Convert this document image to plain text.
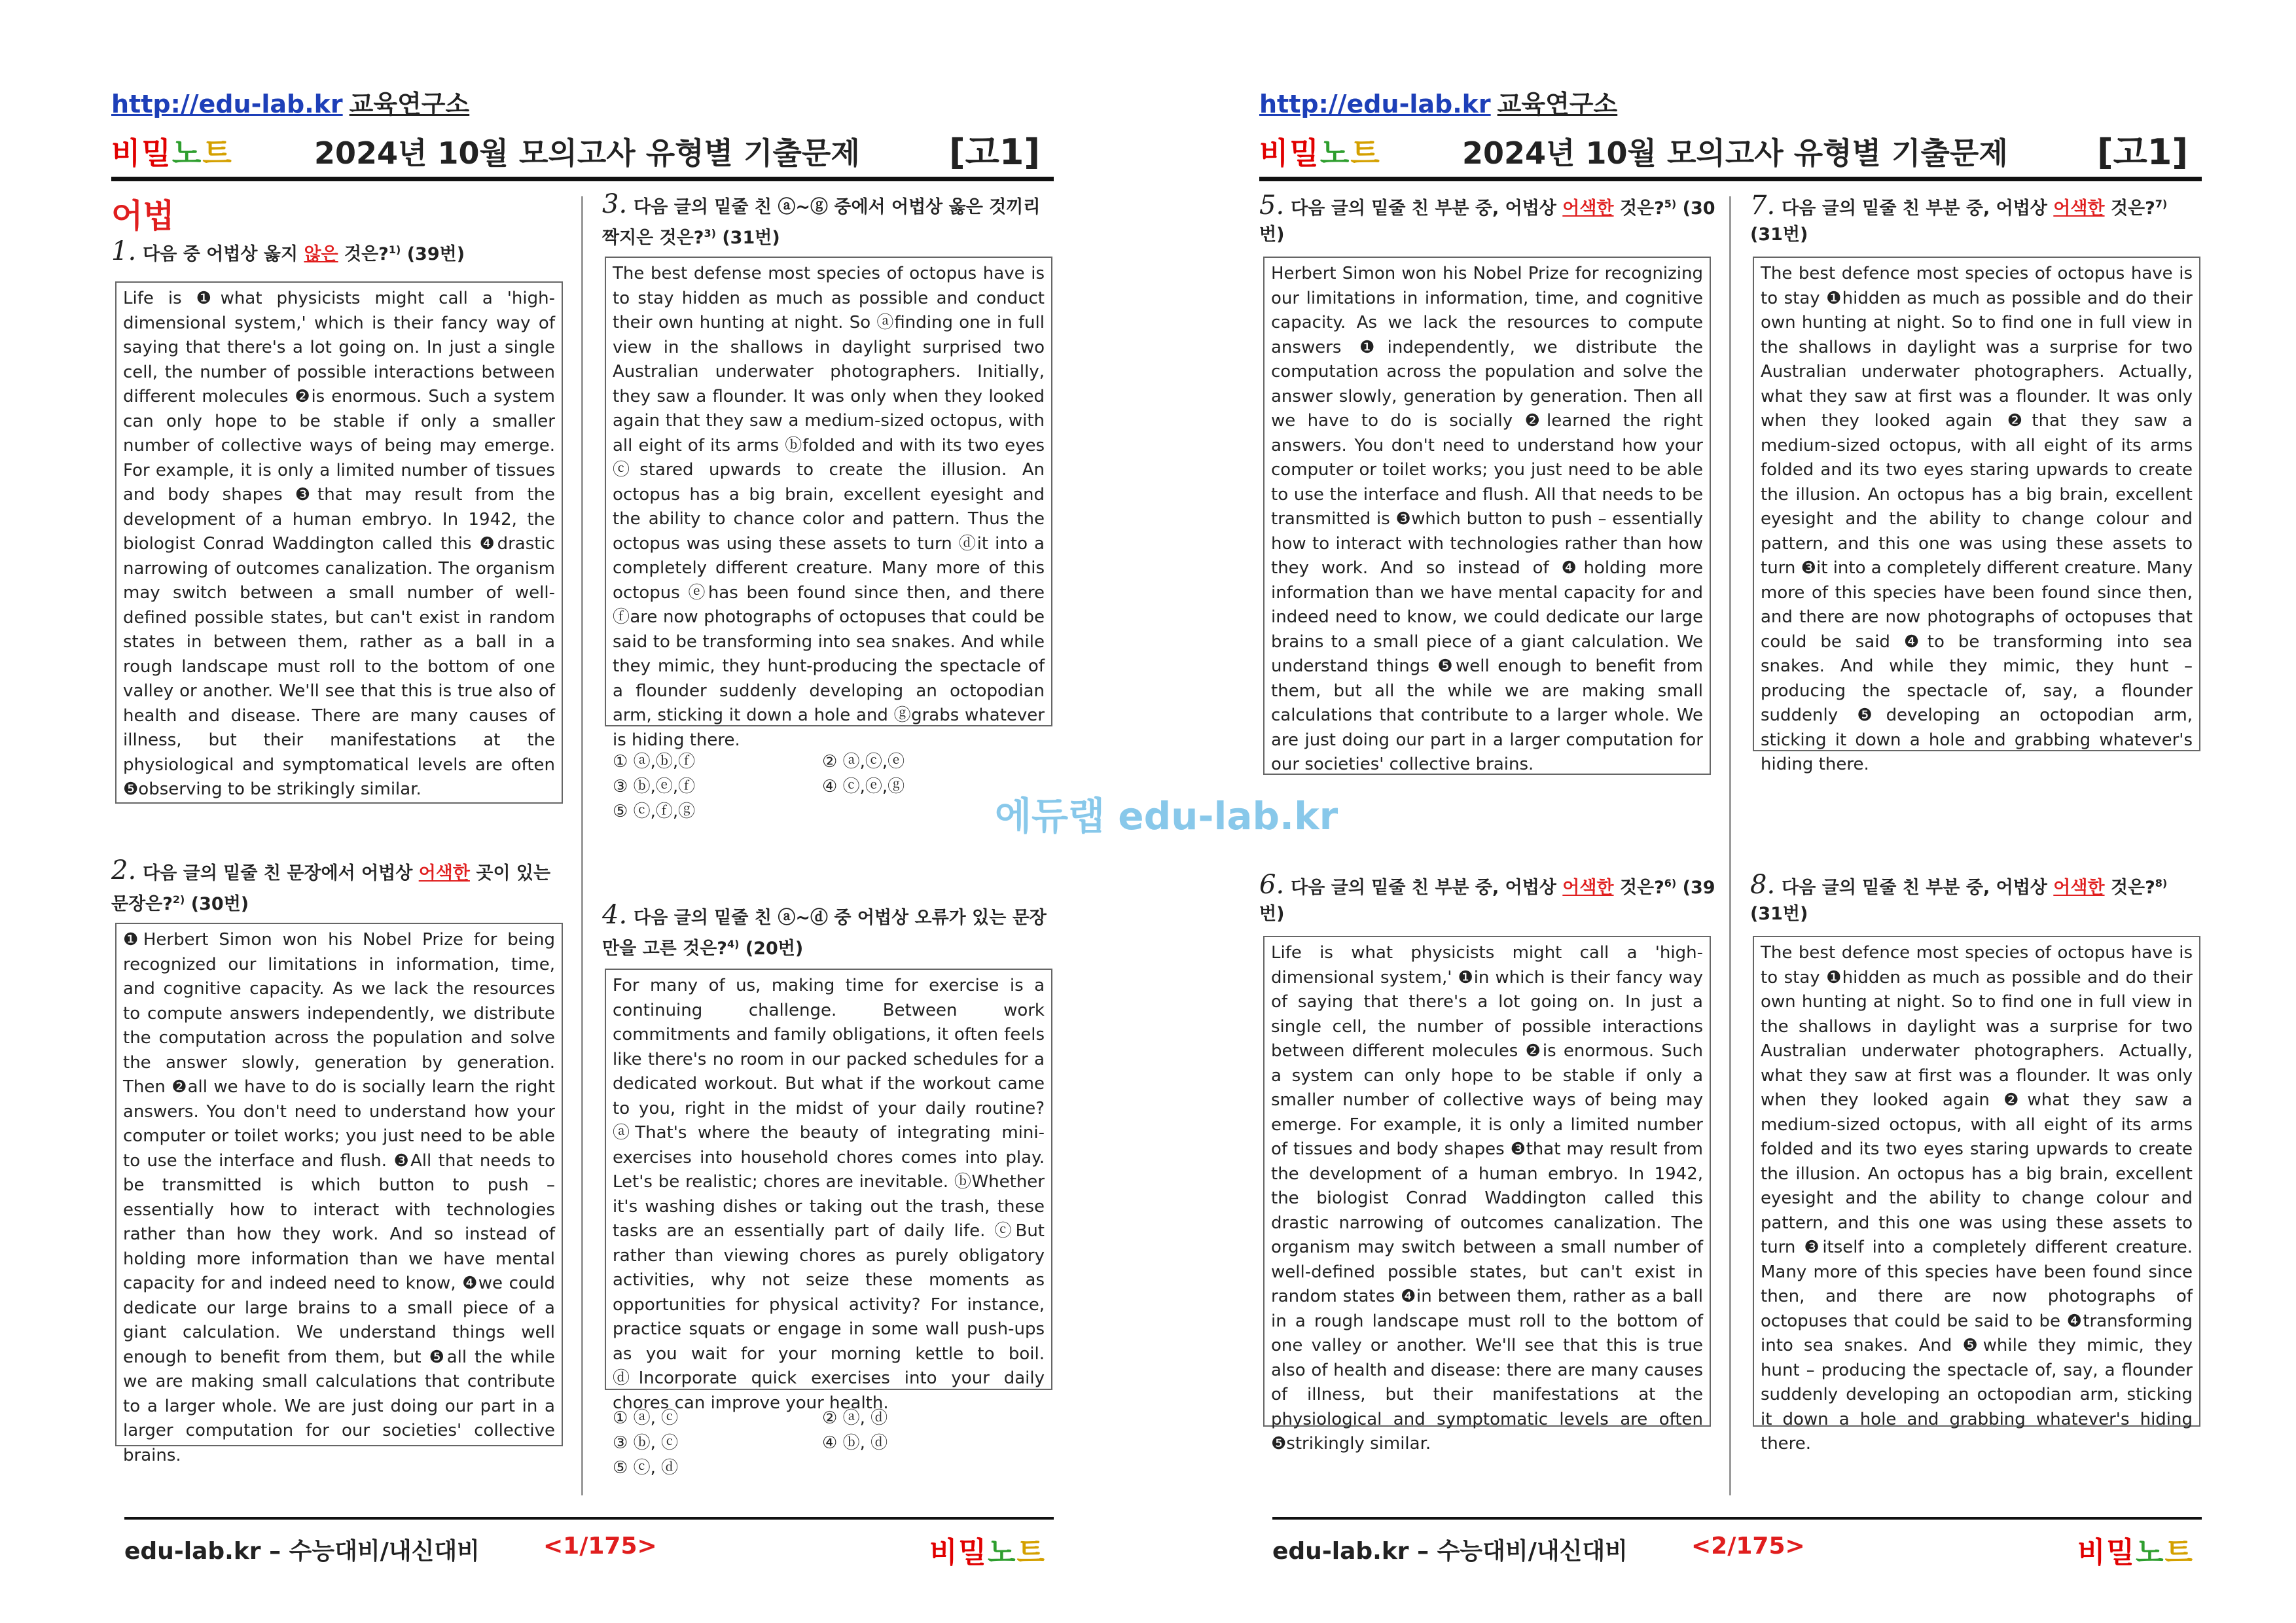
http://edu-lab.kr 교육연구소
비밀노트	2024년 10월 모의고사 유형별 기출문제	[고1]
어법
1. 다음 중 어법상 옳지 않은 것은?$^{1)}$ (39번)
Life is ❶what physicists might call a 'high-dimensional system,' which is their fancy way of saying that there's a lot going on. In just a single cell, the number of possible interactions between different molecules ❷is enormous. Such a system can only hope to be stable if only a smaller number of collective ways of being may emerge. For example, it is only a limited number of tissues and body shapes ❸that may result from the development of a human embryo. In 1942, the biologist Conrad Waddington called this ❹drastic narrowing of outcomes canalization. The organism may switch between a small number of well-defined possible states, but can't exist in random states in between them, rather as a ball in a rough landscape must roll to the bottom of one valley or another. We'll see that this is true also of health and disease. There are many causes of illness, but their manifestations at the physiological and symptomatical levels are often ❺observing to be strikingly similar.
2. 다음 글의 밑줄 친 문장에서 어법상 어색한 곳이 있는 문장은?$^{2)}$ (30번)
❶Herbert Simon won his Nobel Prize for being recognized our limitations in information, time, and cognitive capacity. As we lack the resources to compute answers independently, we distribute the computation across the population and solve the answer slowly, generation by generation. Then ❷all we have to do is socially learn the right answers. You don't need to understand how your computer or toilet works; you just need to be able to use the interface and flush. ❸All that needs to be transmitted is which button to push – essentially how to interact with technologies rather than how they work. And so instead of holding more information than we have mental capacity for and indeed need to know, ❹we could dedicate our large brains to a small piece of a giant calculation. We understand things well enough to benefit from them, but ❺all the while we are making small calculations that contribute to a larger whole. We are just doing our part in a larger computation for our societies' collective brains.
3. 다음 글의 밑줄 친 ⓐ~ⓖ 중에서 어법상 옳은 것끼리 짝지은 것은?$^{3)}$ (31번)
The best defense most species of octopus have is to stay hidden as much as possible and conduct their own hunting at night. So ⓐfinding one in full view in the shallows in daylight surprised two Australian underwater photographers. Initially, they saw a flounder. It was only when they looked again that they saw a medium-sized octopus, with all eight of its arms ⓑfolded and with its two eyes ⓒstared upwards to create the illusion. An octopus has a big brain, excellent eyesight and the ability to chance color and pattern. Thus the octopus was using these assets to turn ⓓit into a completely different creature. Many more of this octopus ⓔhas been found since then, and there ⓕare now photographs of octopuses that could be said to be transforming into sea snakes. And while they mimic, they hunt-producing the spectacle of a flounder suddenly developing an octopodian arm, sticking it down a hole and ⓖgrabs whatever is hiding there.
① ⓐ,ⓑ,ⓕ	② ⓐ,ⓒ,ⓔ ③ ⓑ,ⓔ,ⓕ	④ ⓒ,ⓔ,ⓖ ⑤ ⓒ,ⓕ,ⓖ
4. 다음 글의 밑줄 친 ⓐ~ⓓ 중 어법상 오류가 있는 문장만을 고른 것은?$^{4)}$ (20번)
For many of us, making time for exercise is a continuing challenge. Between work commitments and family obligations, it often feels like there's no room in our packed schedules for a dedicated workout. But what if the workout came to you, right in the midst of your daily routine? ⓐThat's where the beauty of integrating mini-exercises into household chores comes into play. Let's be realistic; chores are inevitable. ⓑWhether it's washing dishes or taking out the trash, these tasks are an essentially part of daily life. ⓒBut rather than viewing chores as purely obligatory activities, why not seize these moments as opportunities for physical activity? For instance, practice squats or engage in some wall push-ups as you wait for your morning kettle to boil. ⓓIncorporate quick exercises into your daily chores can improve your health.
① ⓐ, ⓒ	② ⓐ, ⓓ ③ ⓑ, ⓒ	④ ⓑ, ⓓ ⑤ ⓒ, ⓓ
edu-lab.kr – 수능대비/내신대비	<1/175>	비밀노트
http://edu-lab.kr 교육연구소
비밀노트	2024년 10월 모의고사 유형별 기출문제	[고1]
5. 다음 글의 밑줄 친 부분 중, 어법상 어색한 것은?$^{5)}$ (30번)
Herbert Simon won his Nobel Prize for recognizing our limitations in information, time, and cognitive capacity. As we lack the resources to compute answers ❶independently, we distribute the computation across the population and solve the answer slowly, generation by generation. Then all we have to do is socially ❷learned the right answers. You don't need to understand how your computer or toilet works; you just need to be able to use the interface and flush. All that needs to be transmitted is ❸which button to push – essentially how to interact with technologies rather than how they work. And so instead of ❹holding more information than we have mental capacity for and indeed need to know, we could dedicate our large brains to a small piece of a giant calculation. We understand things ❺well enough to benefit from them, but all the while we are making small calculations that contribute to a larger whole. We are just doing our part in a larger computation for our societies' collective brains.
6. 다음 글의 밑줄 친 부분 중, 어법상 어색한 것은?$^{6)}$ (39번)
Life is what physicists might call a 'high-dimensional system,' ❶in which is their fancy way of saying that there's a lot going on. In just a single cell, the number of possible interactions between different molecules ❷is enormous. Such a system can only hope to be stable if only a smaller number of collective ways of being may emerge. For example, it is only a limited number of tissues and body shapes ❸that may result from the development of a human embryo. In 1942, the biologist Conrad Waddington called this drastic narrowing of outcomes canalization. The organism may switch between a small number of well-defined possible states, but can't exist in random states ❹in between them, rather as a ball in a rough landscape must roll to the bottom of one valley or another. We'll see that this is true also of health and disease: there are many causes of illness, but their manifestations at the physiological and symptomatic levels are often ❺strikingly similar.
7. 다음 글의 밑줄 친 부분 중, 어법상 어색한 것은?$^{7)}$ (31번)
The best defence most species of octopus have is to stay ❶hidden as much as possible and do their own hunting at night. So to find one in full view in the shallows in daylight was a surprise for two Australian underwater photographers. Actually, what they saw at first was a flounder. It was only when they looked again ❷that they saw a medium-sized octopus, with all eight of its arms folded and its two eyes staring upwards to create the illusion. An octopus has a big brain, excellent eyesight and the ability to change colour and pattern, and this one was using these assets to turn ❸it into a completely different creature. Many more of this species have been found since then, and there are now photographs of octopuses that could be said ❹to be transforming into sea snakes. And while they mimic, they hunt – producing the spectacle of, say, a flounder suddenly ❺developing an octopodian arm, sticking it down a hole and grabbing whatever's hiding there.
8. 다음 글의 밑줄 친 부분 중, 어법상 어색한 것은?$^{8)}$ (31번)
The best defence most species of octopus have is to stay ❶hidden as much as possible and do their own hunting at night. So to find one in full view in the shallows in daylight was a surprise for two Australian underwater photographers. Actually, what they saw at first was a flounder. It was only when they looked again ❷what they saw a medium-sized octopus, with all eight of its arms folded and its two eyes staring upwards to create the illusion. An octopus has a big brain, excellent eyesight and the ability to change colour and pattern, and this one was using these assets to turn ❸itself into a completely different creature. Many more of this species have been found since then, and there are now photographs of octopuses that could be said to be ❹transforming into sea snakes. And ❺while they mimic, they hunt – producing the spectacle of, say, a flounder suddenly developing an octopodian arm, sticking it down a hole and grabbing whatever's hiding there.
edu-lab.kr – 수능대비/내신대비	<2/175>	비밀노트
에듀랩 edu-lab.kr
